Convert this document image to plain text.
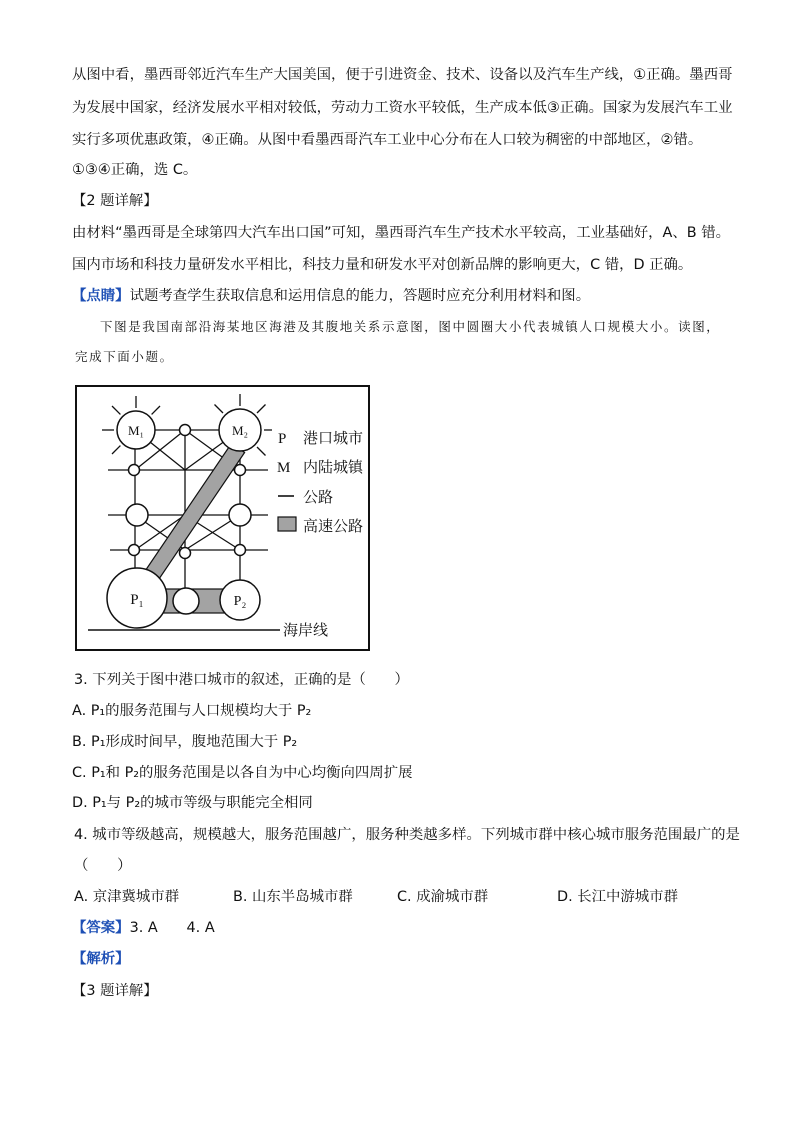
从图中看，墨西哥邻近汽车生产大国美国，便于引进资金、技术、设备以及汽车生产线，①正确。墨西哥
为发展中国家，经济发展水平相对较低，劳动力工资水平较低，生产成本低③正确。国家为发展汽车工业
实行多项优惠政策，④正确。从图中看墨西哥汽车工业中心分布在人口较为稠密的中部地区，②错。
①③④正确，选 C。
【2 题详解】
由材料“墨西哥是全球第四大汽车出口国”可知，墨西哥汽车生产技术水平较高，工业基础好，A、B 错。
国内市场和科技力量研发水平相比，科技力量和研发水平对创新品牌的影响更大，C 错，D 正确。
【点睛】试题考查学生获取信息和运用信息的能力，答题时应充分利用材料和图。
下图是我国南部沿海某地区海港及其腹地关系示意图，图中圆圈大小代表城镇人口规模大小。读图，
完成下面小题。
M₁	M₂
P₁	P₂
海岸线
P 港口城市
M 内陆城镇
公路
高速公路
3. 下列关于图中港口城市的叙述，正确的是（　　）
A. P₁的服务范围与人口规模均大于 P₂
B. P₁形成时间早，腹地范围大于 P₂
C. P₁和 P₂的服务范围是以各自为中心均衡向四周扩展
D. P₁与 P₂的城市等级与职能完全相同
4. 城市等级越高，规模越大，服务范围越广，服务种类越多样。下列城市群中核心城市服务范围最广的是
（　　）
A. 京津冀城市群	B. 山东半岛城市群	C. 成渝城市群	D. 长江中游城市群
【答案】3. A　　4. A
【解析】
【3 题详解】
